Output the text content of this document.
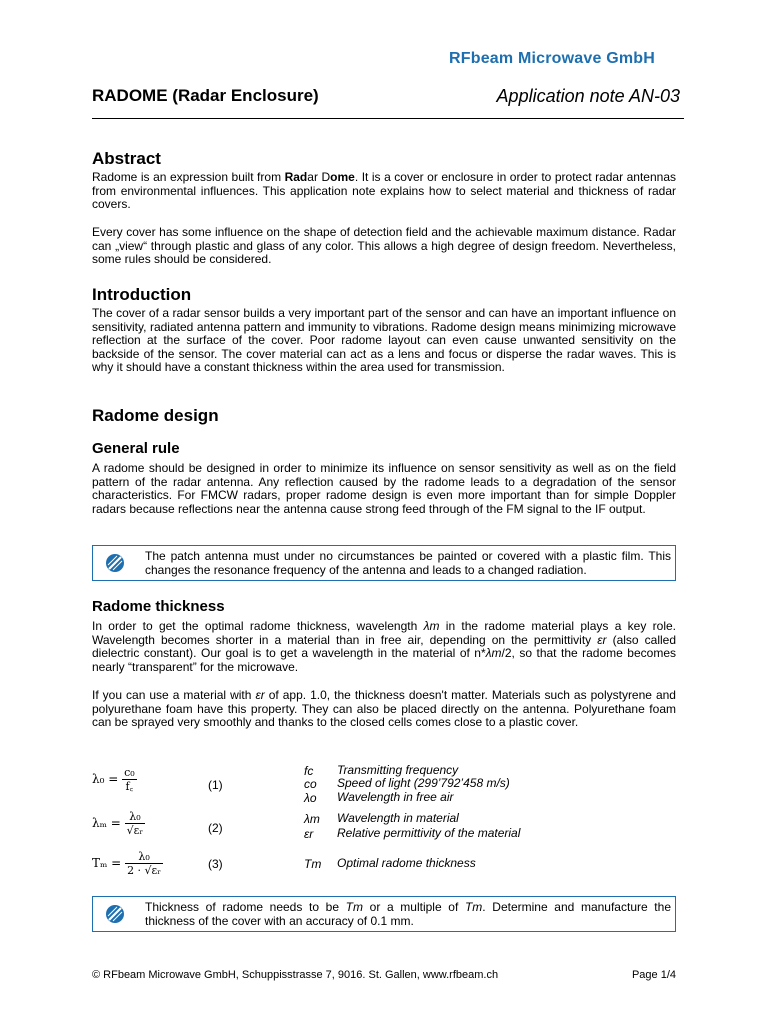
RFbeam Microwave GmbH
RADOME (Radar Enclosure)	Application note AN-03
Abstract

Radome is an expression built from Radar Dome. It is a cover or enclosure in order to protect radar antennas from environmental influences. This application note explains how to select material and thickness of radar covers.

Every cover has some influence on the shape of detection field and the achievable maximum distance. Radar can „view“ through plastic and glass of any color. This allows a high degree of design freedom. Nevertheless, some rules should be considered.

Introduction

The cover of a radar sensor builds a very important part of the sensor and can have an important influence on sensitivity, radiated antenna pattern and immunity to vibrations. Radome design means minimizing microwave reflection at the surface of the cover. Poor radome layout can even cause unwanted sensitivity on the backside of the sensor. The cover material can act as a lens and focus or disperse the radar waves. This is why it should have a constant thickness within the area used for transmission.

Radome design
General rule

A radome should be designed in order to minimize its influence on sensor sensitivity as well as on the field pattern of the radar antenna. Any reflection caused by the radome leads to a degradation of the sensor characteristics. For FMCW radars, proper radome design is even more important than for simple Doppler radars because reflections near the antenna cause strong feed through of the FM signal to the IF output.

The patch antenna must under no circumstances be painted or covered with a plastic film. This changes the resonance frequency of the antenna and leads to a changed radiation.
Radome thickness

In order to get the optimal radome thickness, wavelength λm in the radome material plays a key role. Wavelength becomes shorter in a material than in free air, depending on the permittivity εr (also called dielectric constant). Our goal is to get a wavelength in the material of n*λm/2, so that the radome becomes nearly “transparent” for the microwave.

If you can use a material with εr of app. 1.0, the thickness doesn't matter. Materials such as polystyrene and polyurethane foam have this property. They can also be placed directly on the antenna. Polyurethane foam can be sprayed very smoothly and thanks to the closed cells comes close to a plastic cover.

$\lambda_0 = \frac{\text{c₀}}{f꜀}$	(1)
$\lambda_m = \frac{\text{λ₀}}{\text{√εᵣ}}$	(2)
$T_m = \frac{\text{λ₀}}{\text{2 · √εᵣ}}$	(3)
fc Transmitting frequency
co Speed of light (299’792’458 m/s)
λo Wavelength in free air
λm Wavelength in material
εr Relative permittivity of the material
Tm Optimal radome thickness
Thickness of radome needs to be Tm or a multiple of Tm. Determine and manufacture the thickness of the cover with an accuracy of 0.1 mm.
© RFbeam Microwave GmbH, Schuppisstrasse 7, 9016. St. Gallen, www.rfbeam.ch	Page 1/4
